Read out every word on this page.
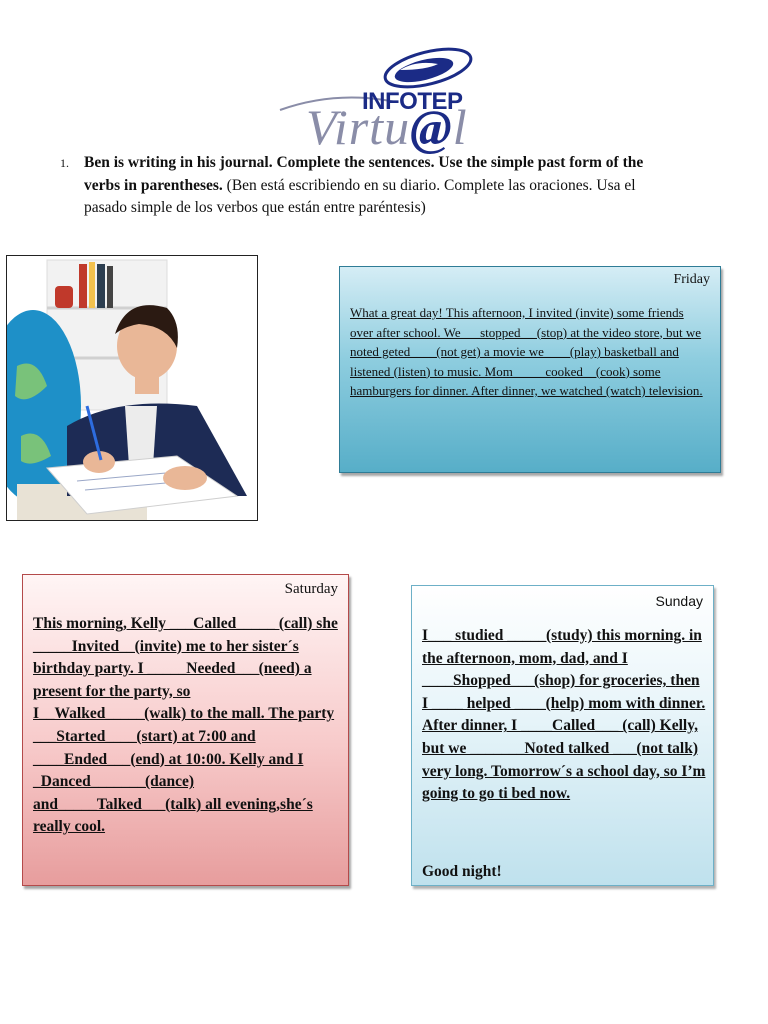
INFOTEP
Virtu@l
1. Ben is writing in his journal. Complete the sentences. Use the simple past form of the verbs in parentheses. (Ben está escribiendo en su diario. Complete las oraciones. Usa el pasado simple de los verbos que están entre paréntesis)
Friday
What a great day! This afternoon, I invited (invite) some friends over after school. We___stopped__ (stop) at the video store, but we noted geted____(not get) a movie we____(play) basketball and listened (listen) to music. Mom_____cooked__(cook) some hamburgers for dinner. After dinner, we watched (watch) television.
Saturday
This morning, Kelly ___Called_____ (call) she _____Invited__(invite) me to her sister´s birthday party. I _____Needed___(need) a present for the party, so I__Walked_____(walk) to the mall. The party ___Started____(start) at 7:00 and ____Ended___(end) at 10:00. Kelly and I _Danced_______(dance) and_____Talked___(talk) all evening,she´s really cool.
Sunday
I___ studied _____(study) this morning. in the afternoon, mom, dad, and I ____Shopped___(shop) for groceries, then I ____ helped ____(help) mom with dinner. After dinner, I ____Called___ (call) Kelly, but we _______Noted talked ___(not talk) very long. Tomorrow´s a school day, so I’m going to go ti bed now.
Good night!
